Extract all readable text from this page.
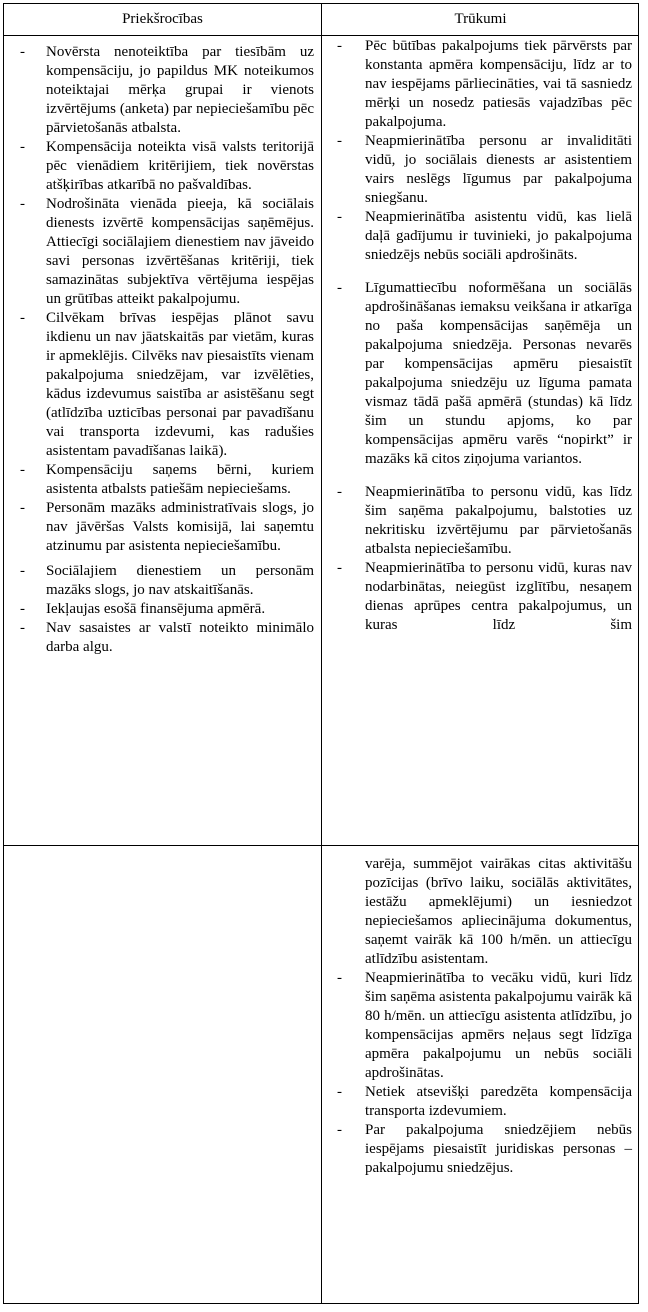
Priekšrocības	Trūkumi
- Novērsta nenoteiktība par tiesībām uz kompensāciju, jo papildus MK noteikumos noteiktajai mērķa grupai ir vienots izvērtējums (anketa) par nepieciešamību pēc pārvietošanās atbalsta.
- Kompensācija noteikta visā valsts teritorijā pēc vienādiem kritērijiem, tiek novērstas atšķirības atkarībā no pašvaldības.
- Nodrošināta vienāda pieeja, kā sociālais dienests izvērtē kompensācijas saņēmējus. Attiecīgi sociālajiem dienestiem nav jāveido savi personas izvērtēšanas kritēriji, tiek samazinātas subjektīva vērtējuma iespējas un grūtības atteikt pakalpojumu.
- Cilvēkam brīvas iespējas plānot savu ikdienu un nav jāatskaitās par vietām, kuras ir apmeklējis. Cilvēks nav piesaistīts vienam pakalpojuma sniedzējam, var izvēlēties, kādus izdevumus saistība ar asistēšanu segt (atlīdzība uzticības personai par pavadīšanu vai transporta izdevumi, kas radušies asistentam pavadīšanas laikā).
- Kompensāciju saņems bērni, kuriem asistenta atbalsts patiešām nepieciešams.
- Personām mazāks administratīvais slogs, jo nav jāvēršas Valsts komisijā, lai saņemtu atzinumu par asistenta nepieciešamību.
- Sociālajiem dienestiem un personām mazāks slogs, jo nav atskaitīšanās.
- Iekļaujas esošā finansējuma apmērā.
- Nav sasaistes ar valstī noteikto minimālo darba algu.
- Pēc būtības pakalpojums tiek pārvērsts par konstanta apmēra kompensāciju, līdz ar to nav iespējams pārliecināties, vai tā sasniedz mērķi un nosedz patiesās vajadzības pēc pakalpojuma.
- Neapmierinātība personu ar invaliditāti vidū, jo sociālais dienests ar asistentiem vairs neslēgs līgumus par pakalpojuma sniegšanu.
- Neapmierinātība asistentu vidū, kas lielā daļā gadījumu ir tuvinieki, jo pakalpojuma sniedzējs nebūs sociāli apdrošināts.
- Līgumattiecību noformēšana un sociālās apdrošināšanas iemaksu veikšana ir atkarīga no paša kompensācijas saņēmēja un pakalpojuma sniedzēja. Personas nevarēs par kompensācijas apmēru piesaistīt pakalpojuma sniedzēju uz līguma pamata vismaz tādā pašā apmērā (stundas) kā līdz šim un stundu apjoms, ko par kompensācijas apmēru varēs “nopirkt” ir mazāks kā citos ziņojuma variantos.
- Neapmierinātība to personu vidū, kas līdz šim saņēma pakalpojumu, balstoties uz nekritisku izvērtējumu par pārvietošanās atbalsta nepieciešamību.
- Neapmierinātība to personu vidū, kuras nav nodarbinātas, neiegūst izglītību, nesaņem dienas aprūpes centra pakalpojumus, un kuras līdz šim
varēja, summējot vairākas citas aktivitāšu pozīcijas (brīvo laiku, sociālās aktivitātes, iestāžu apmeklējumi) un iesniedzot nepieciešamos apliecinājuma dokumentus, saņemt vairāk kā 100 h/mēn. un attiecīgu atlīdzību asistentam.
- Neapmierinātība to vecāku vidū, kuri līdz šim saņēma asistenta pakalpojumu vairāk kā 80 h/mēn. un attiecīgu asistenta atlīdzību, jo kompensācijas apmērs neļaus segt līdzīga apmēra pakalpojumu un nebūs sociāli apdrošinātas.
- Netiek atsevišķi paredzēta kompensācija transporta izdevumiem.
- Par pakalpojuma sniedzējiem nebūs iespējams piesaistīt juridiskas personas – pakalpojumu sniedzējus.
